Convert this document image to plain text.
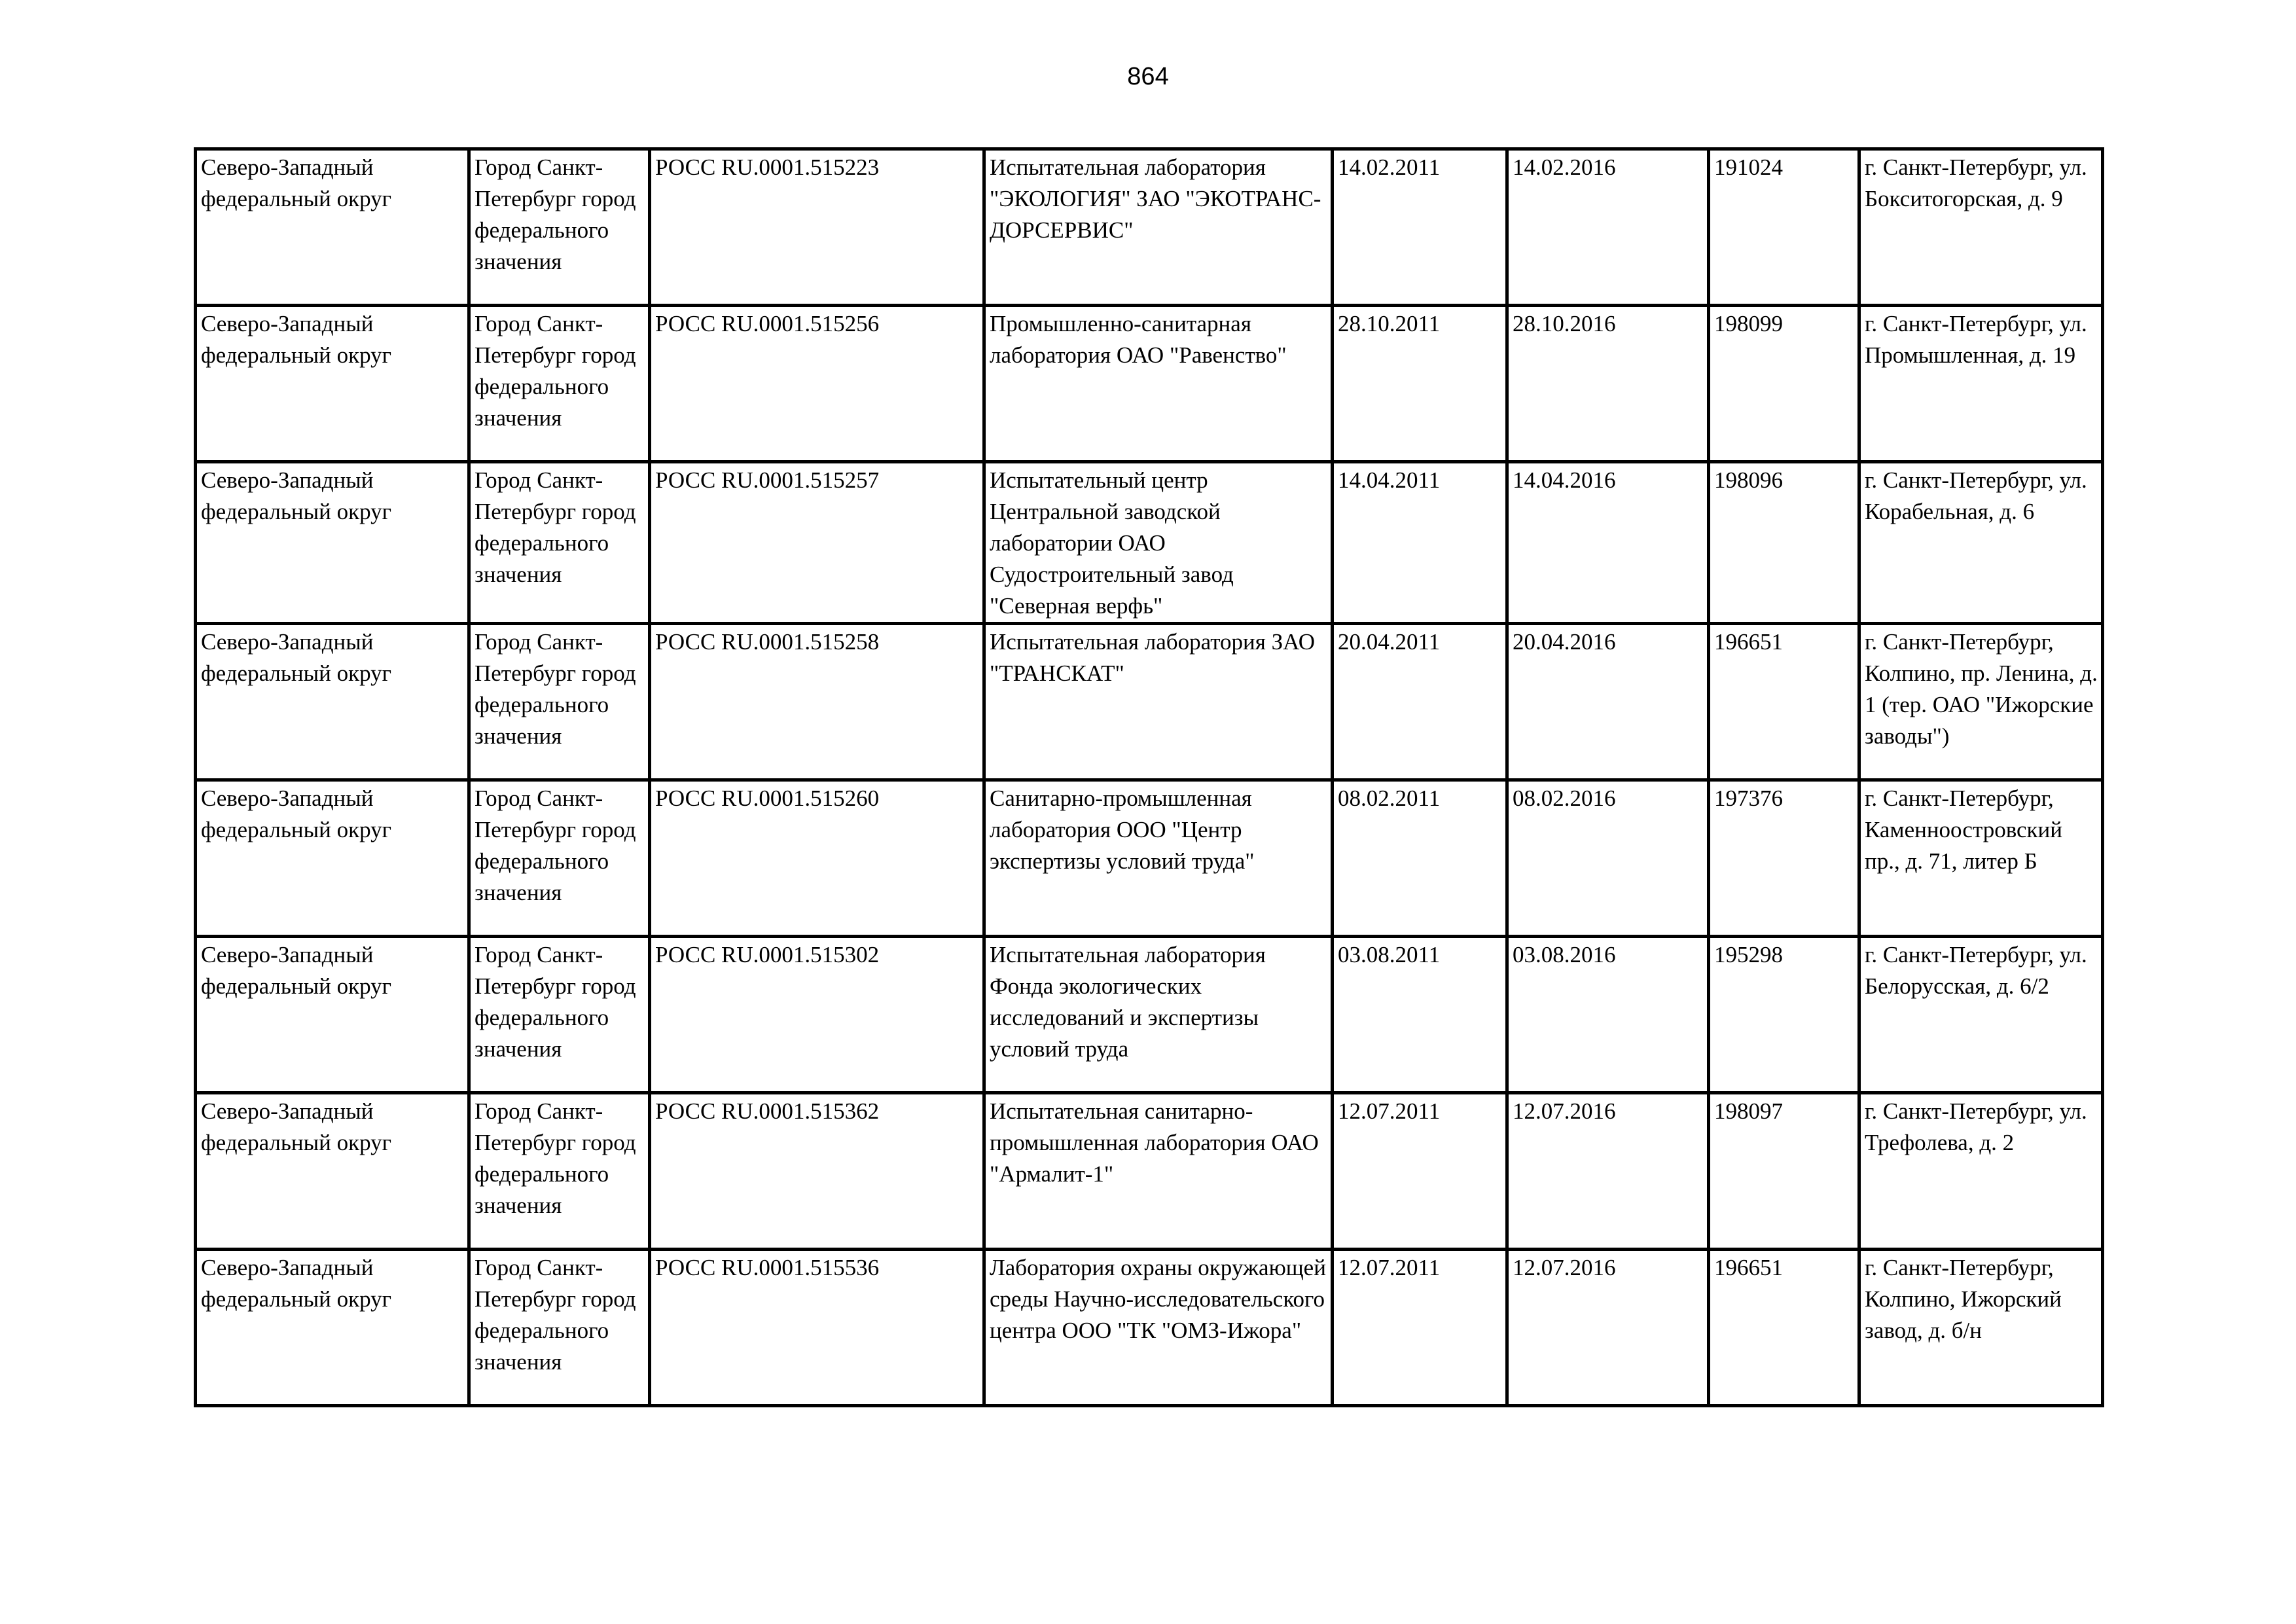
864
Северо-Западный федеральный округ	Город Санкт-Петербург город федерального значения	РОСС RU.0001.515223	Испытательная лаборатория "ЭКОЛОГИЯ" ЗАО "ЭКОТРАНС-ДОРСЕРВИС"	14.02.2011	14.02.2016	191024	г. Санкт-Петербург, ул. Бокситогорская, д. 9
Северо-Западный федеральный округ	Город Санкт-Петербург город федерального значения	РОСС RU.0001.515256	Промышленно-санитарная лаборатория ОАО "Равенство"	28.10.2011	28.10.2016	198099	г. Санкт-Петербург, ул. Промышленная, д. 19
Северо-Западный федеральный округ	Город Санкт-Петербург город федерального значения	РОСС RU.0001.515257	Испытательный центр Центральной заводской лаборатории ОАО Судостроительный завод "Северная верфь"	14.04.2011	14.04.2016	198096	г. Санкт-Петербург, ул. Корабельная, д. 6
Северо-Западный федеральный округ	Город Санкт-Петербург город федерального значения	РОСС RU.0001.515258	Испытательная лаборатория ЗАО "ТРАНСКАТ"	20.04.2011	20.04.2016	196651	г. Санкт-Петербург, Колпино, пр. Ленина, д. 1 (тер. ОАО "Ижорские заводы")
Северо-Западный федеральный округ	Город Санкт-Петербург город федерального значения	РОСС RU.0001.515260	Санитарно-промышленная лаборатория ООО "Центр экспертизы условий труда"	08.02.2011	08.02.2016	197376	г. Санкт-Петербург, Каменноостровский пр., д. 71, литер Б
Северо-Западный федеральный округ	Город Санкт-Петербург город федерального значения	РОСС RU.0001.515302	Испытательная лаборатория Фонда экологических исследований и экспертизы условий труда	03.08.2011	03.08.2016	195298	г. Санкт-Петербург, ул. Белорусская, д. 6/2
Северо-Западный федеральный округ	Город Санкт-Петербург город федерального значения	РОСС RU.0001.515362	Испытательная санитарно-промышленная лаборатория ОАО "Армалит-1"	12.07.2011	12.07.2016	198097	г. Санкт-Петербург, ул. Трефолева, д. 2
Северо-Западный федеральный округ	Город Санкт-Петербург город федерального значения	РОСС RU.0001.515536	Лаборатория охраны окружающей среды Научно-исследовательского центра ООО "ТК "ОМЗ-Ижора"	12.07.2011	12.07.2016	196651	г. Санкт-Петербург, Колпино, Ижорский завод, д. б/н
